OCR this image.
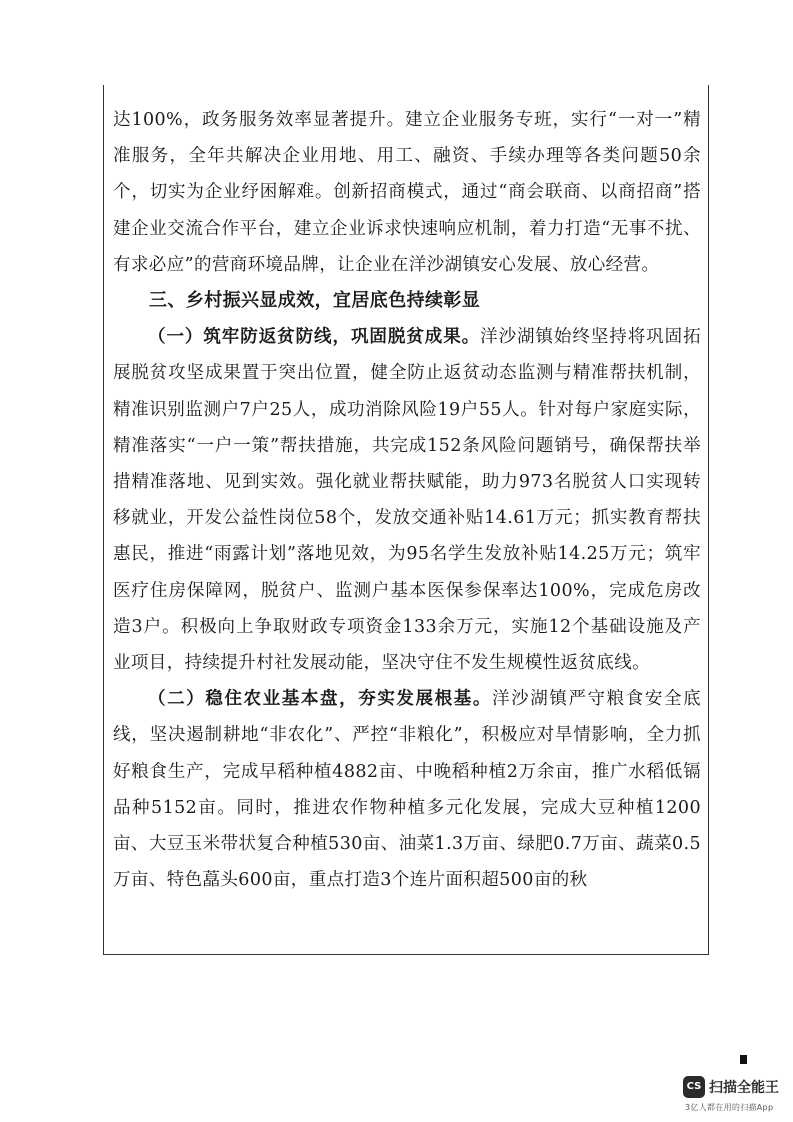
达100%，政务服务效率显著提升。建立企业服务专班，实行“一对一”精准服务，全年共解决企业用地、用工、融资、手续办理等各类问题50余个，切实为企业纾困解难。创新招商模式，通过“商会联商、以商招商”搭建企业交流合作平台，建立企业诉求快速响应机制，着力打造“无事不扰、有求必应”的营商环境品牌，让企业在洋沙湖镇安心发展、放心经营。

三、乡村振兴显成效，宜居底色持续彰显

（一）筑牢防返贫防线，巩固脱贫成果。洋沙湖镇始终坚持将巩固拓展脱贫攻坚成果置于突出位置，健全防止返贫动态监测与精准帮扶机制，精准识别监测户7户25人，成功消除风险19户55人。针对每户家庭实际，精准落实“一户一策”帮扶措施，共完成152条风险问题销号，确保帮扶举措精准落地、见到实效。强化就业帮扶赋能，助力973名脱贫人口实现转移就业，开发公益性岗位58个，发放交通补贴14.61万元；抓实教育帮扶惠民，推进“雨露计划”落地见效，为95名学生发放补贴14.25万元；筑牢医疗住房保障网，脱贫户、监测户基本医保参保率达100%，完成危房改造3户。积极向上争取财政专项资金133余万元，实施12个基础设施及产业项目，持续提升村社发展动能，坚决守住不发生规模性返贫底线。

（二）稳住农业基本盘，夯实发展根基。洋沙湖镇严守粮食安全底线，坚决遏制耕地“非农化”、严控“非粮化”，积极应对旱情影响，全力抓好粮食生产，完成早稻种植4882亩、中晚稻种植2万余亩，推广水稻低镉品种5152亩。同时，推进农作物种植多元化发展，完成大豆种植1200亩、大豆玉米带状复合种植530亩、油菜1.3万亩、绿肥0.7万亩、蔬菜0.5万亩、特色藠头600亩，重点打造3个连片面积超500亩的秋

CS 扫描全能王
3亿人都在用的扫描App
